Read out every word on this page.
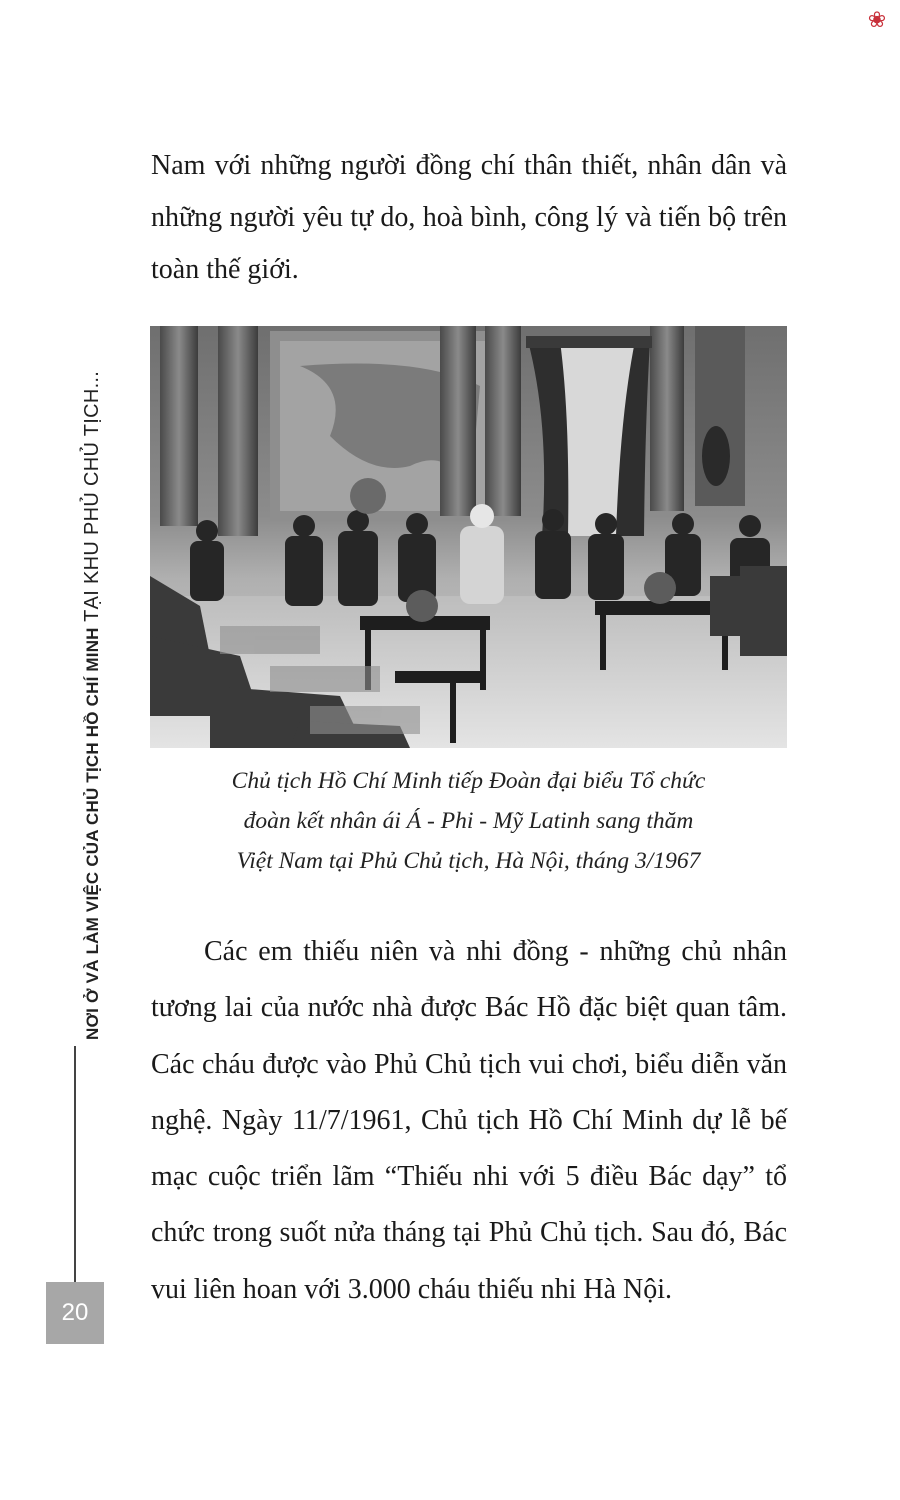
❀
NƠI Ở VÀ LÀM VIỆC CỦA CHỦ TỊCH HỒ CHÍ MINH TẠI KHU PHỦ CHỦ TỊCH...
20

Nam với những người đồng chí thân thiết, nhân dân và những người yêu tự do, hoà bình, công lý và tiến bộ trên toàn thế giới.

Chủ tịch Hồ Chí Minh tiếp Đoàn đại biểu Tổ chức
đoàn kết nhân ái Á - Phi - Mỹ Latinh sang thăm
Việt Nam tại Phủ Chủ tịch, Hà Nội, tháng 3/1967

Các em thiếu niên và nhi đồng - những chủ nhân tương lai của nước nhà được Bác Hồ đặc biệt quan tâm. Các cháu được vào Phủ Chủ tịch vui chơi, biểu diễn văn nghệ. Ngày 11/7/1961, Chủ tịch Hồ Chí Minh dự lễ bế mạc cuộc triển lãm “Thiếu nhi với 5 điều Bác dạy” tổ chức trong suốt nửa tháng tại Phủ Chủ tịch. Sau đó, Bác vui liên hoan với 3.000 cháu thiếu nhi Hà Nội.
